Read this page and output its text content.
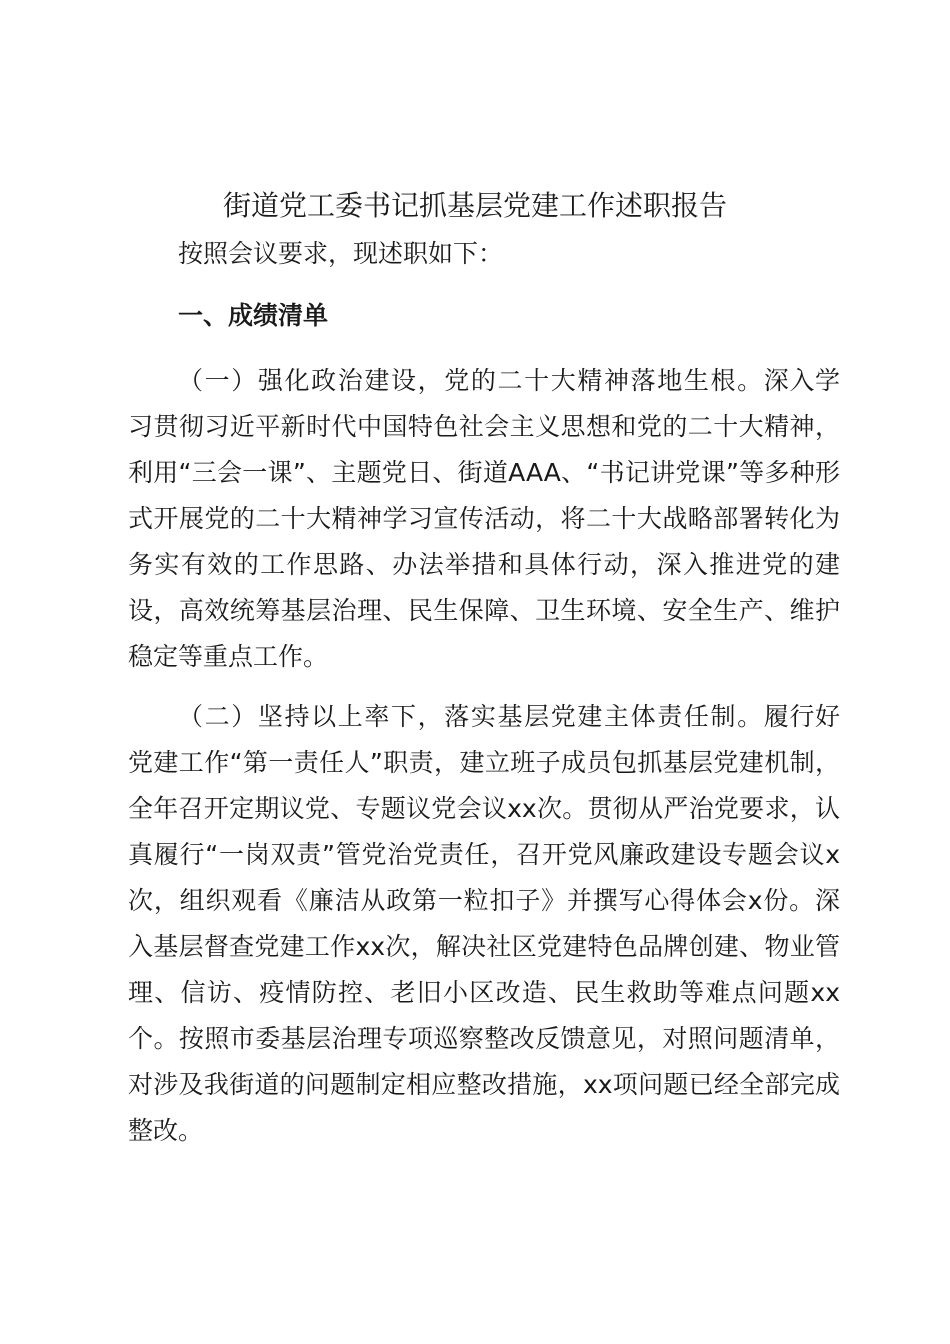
街道党工委书记抓基层党建工作述职报告
按照会议要求，现述职如下：
一、成绩清单
（一）强化政治建设，党的二十大精神落地生根。深入学习贯彻习近平新时代中国特色社会主义思想和党的二十大精神，利用“三会一课”、主题党日、街道AAA、“书记讲党课”等多种形式开展党的二十大精神学习宣传活动，将二十大战略部署转化为务实有效的工作思路、办法举措和具体行动，深入推进党的建设，高效统筹基层治理、民生保障、卫生环境、安全生产、维护稳定等重点工作。
（二）坚持以上率下，落实基层党建主体责任制。履行好党建工作“第一责任人”职责，建立班子成员包抓基层党建机制，全年召开定期议党、专题议党会议xx次。贯彻从严治党要求，认真履行“一岗双责”管党治党责任，召开党风廉政建设专题会议x次，组织观看《廉洁从政第一粒扣子》并撰写心得体会x份。深入基层督查党建工作xx次，解决社区党建特色品牌创建、物业管理、信访、疫情防控、老旧小区改造、民生救助等难点问题xx个。按照市委基层治理专项巡察整改反馈意见，对照问题清单，对涉及我街道的问题制定相应整改措施，xx项问题已经全部完成整改。
